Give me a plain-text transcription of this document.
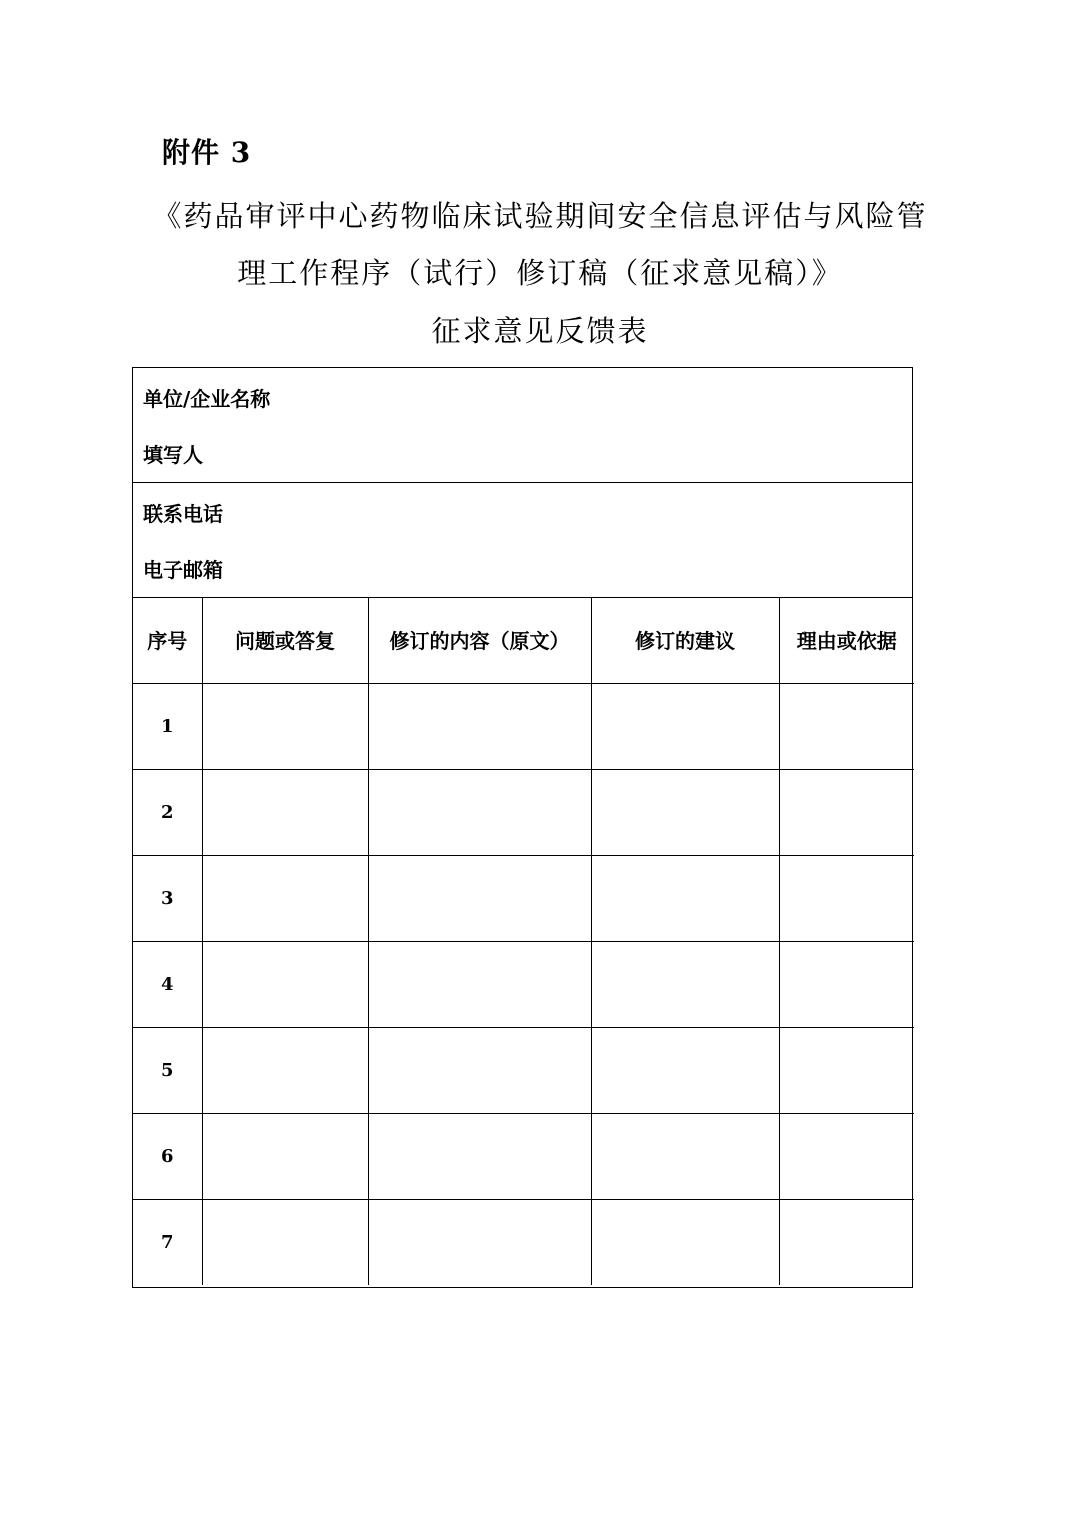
附件 3
《药品审评中心药物临床试验期间安全信息评估与风险管
理工作程序（试行）修订稿（征求意见稿）》
征求意见反馈表
单位/企业名称
填写人
联系电话
电子邮箱
序号	问题或答复	修订的内容（原文）	修订的建议	理由或依据
1				
2				
3				
4				
5				
6				
7				
